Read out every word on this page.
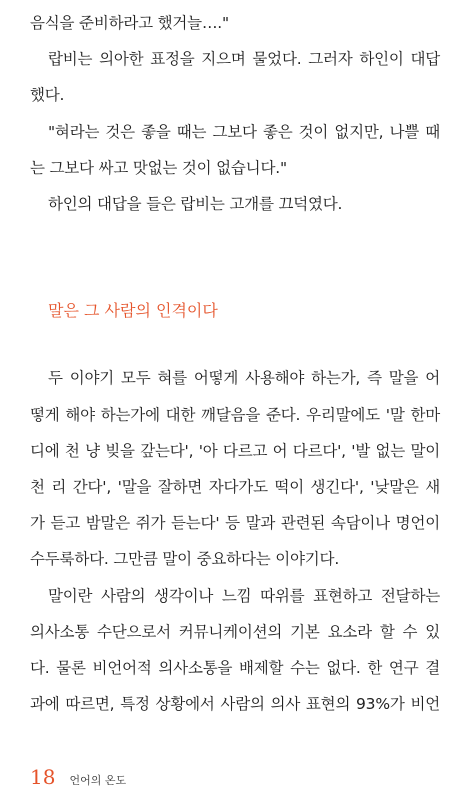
음식을 준비하라고 했거늘…."
랍비는 의아한 표정을 지으며 물었다. 그러자 하인이 대답
했다.
"혀라는 것은 좋을 때는 그보다 좋은 것이 없지만, 나쁠 때
는 그보다 싸고 맛없는 것이 없습니다."
하인의 대답을 들은 랍비는 고개를 끄덕였다.
말은 그 사람의 인격이다
두 이야기 모두 혀를 어떻게 사용해야 하는가, 즉 말을 어
떻게 해야 하는가에 대한 깨달음을 준다. 우리말에도 '말 한마
디에 천 냥 빚을 갚는다', '아 다르고 어 다르다', '발 없는 말이
천 리 간다', '말을 잘하면 자다가도 떡이 생긴다', '낮말은 새
가 듣고 밤말은 쥐가 듣는다' 등 말과 관련된 속담이나 명언이
수두룩하다. 그만큼 말이 중요하다는 이야기다.
말이란 사람의 생각이나 느낌 따위를 표현하고 전달하는
의사소통 수단으로서 커뮤니케이션의 기본 요소라 할 수 있
다. 물론 비언어적 의사소통을 배제할 수는 없다. 한 연구 결
과에 따르면, 특정 상황에서 사람의 의사 표현의 93%가 비언
18 언어의 온도
